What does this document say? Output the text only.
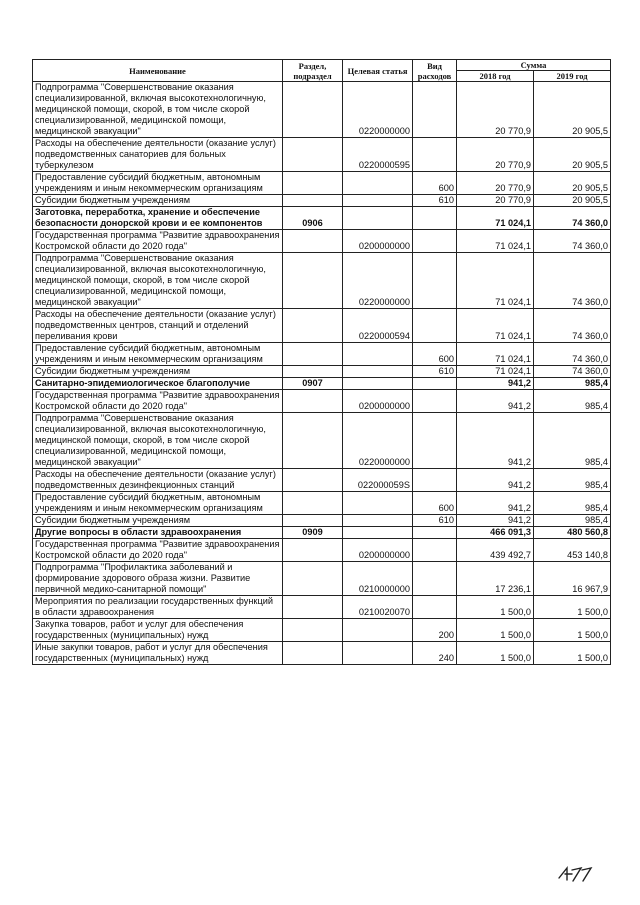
Наименование	Раздел, подраздел	Целевая статья	Вид расходов	Сумма	
				2018 год	2019 год
Подпрограмма "Совершенствование оказания специализированной, включая высокотехнологичную, медицинской помощи, скорой, в том числе скорой специализированной, медицинской помощи, медицинской эвакуации"		0220000000		20 770,9	20 905,5
Расходы на обеспечение деятельности (оказание услуг) подведомственных санаториев для больных туберкулезом		0220000595		20 770,9	20 905,5
Предоставление субсидий бюджетным, автономным учреждениям и иным некоммерческим организациям			600	20 770,9	20 905,5
Субсидии бюджетным учреждениям			610	20 770,9	20 905,5
Заготовка, переработка, хранение и обеспечение безопасности донорской крови и ее компонентов	0906			71 024,1	74 360,0
Государственная программа "Развитие здравоохранения Костромской области до 2020 года"		0200000000		71 024,1	74 360,0
Подпрограмма "Совершенствование оказания специализированной, включая высокотехнологичную, медицинской помощи, скорой, в том числе скорой специализированной, медицинской помощи, медицинской эвакуации"		0220000000		71 024,1	74 360,0
Расходы на обеспечение деятельности (оказание услуг) подведомственных центров, станций и отделений переливания крови		0220000594		71 024,1	74 360,0
Предоставление субсидий бюджетным, автономным учреждениям и иным некоммерческим организациям			600	71 024,1	74 360,0
Субсидии бюджетным учреждениям			610	71 024,1	74 360,0
Санитарно-эпидемиологическое благополучие	0907			941,2	985,4
Государственная программа "Развитие здравоохранения Костромской области до 2020 года"		0200000000		941,2	985,4
Подпрограмма "Совершенствование оказания специализированной, включая высокотехнологичную, медицинской помощи, скорой, в том числе скорой специализированной, медицинской помощи, медицинской эвакуации"		0220000000		941,2	985,4
Расходы на обеспечение деятельности (оказание услуг) подведомственных дезинфекционных станций		022000059S		941,2	985,4
Предоставление субсидий бюджетным, автономным учреждениям и иным некоммерческим организациям			600	941,2	985,4
Субсидии бюджетным учреждениям			610	941,2	985,4
Другие вопросы в области здравоохранения	0909			466 091,3	480 560,8
Государственная программа "Развитие здравоохранения Костромской области до 2020 года"		0200000000		439 492,7	453 140,8
Подпрограмма "Профилактика заболеваний и формирование здорового образа жизни. Развитие первичной медико-санитарной помощи"		0210000000		17 236,1	16 967,9
Мероприятия по реализации государственных функций в области здравоохранения		0210020070		1 500,0	1 500,0
Закупка товаров, работ и услуг для обеспечения государственных (муниципальных) нужд			200	1 500,0	1 500,0
Иные закупки товаров, работ и услуг для обеспечения государственных (муниципальных) нужд			240	1 500,0	1 500,0
